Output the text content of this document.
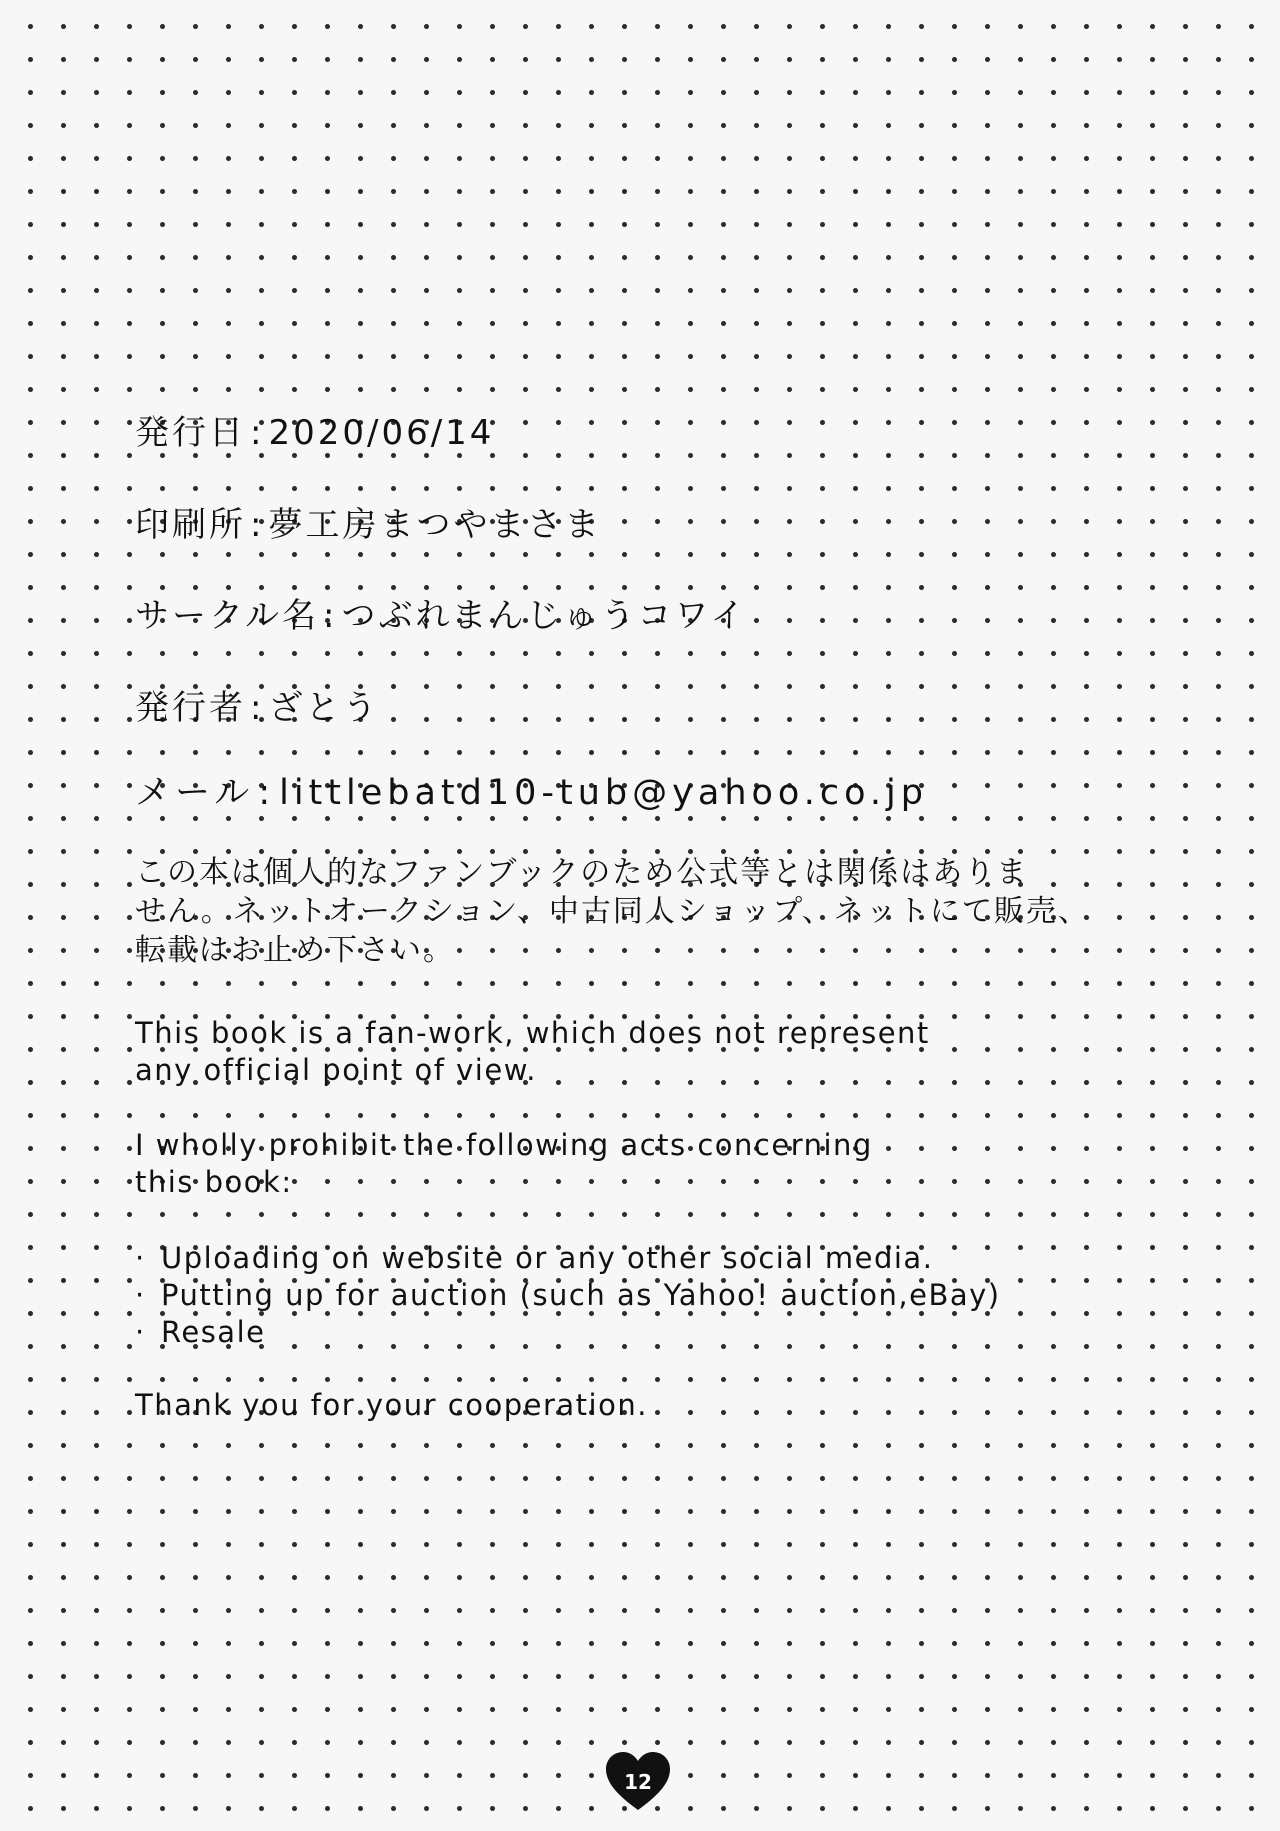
発行日 : 2020/06/14

印刷所 : 夢工房まつやまさま

サークル名 : つぶれまんじゅうコワイ

発行者 : ざとう

メール : littlebatd10-tub@yahoo.co.jp

この本は個人的なファンブックのため公式等とは関係はありま
せん。ネットオークション、中古同人ショップ、ネットにて販売、
転載はお止め下さい。

This book is a fan-work, which does not represent
any official point of view.

I wholly prohibit the following acts concerning
this book:

· Uploading on website or any other social media.
· Putting up for auction (such as Yahoo! auction,eBay)
· Resale

Thank you for your cooperation.

12
